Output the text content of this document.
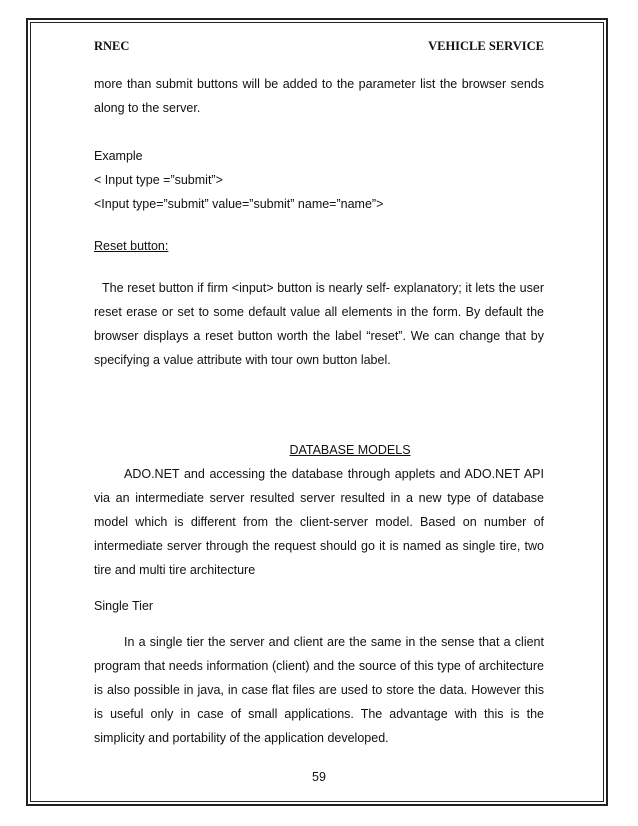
RNEC	VEHICLE SERVICE

more than submit buttons will be added to the parameter list the browser sends along to the server.

Example

< Input type =”submit”>

<Input type=”submit” value=”submit” name=”name”>

Reset button:

The reset button if firm <input> button is nearly self- explanatory; it lets the user reset erase or set to some default value all elements in the form. By default the browser displays a reset button worth the label “reset”. We can change that by specifying a value attribute with tour own button label.

DATABASE MODELS

ADO.NET and accessing the database through applets and ADO.NET API via an intermediate server resulted server resulted in a new type of database model which is different from the client-server model. Based on number of intermediate server through the request should go it is named as single tire, two tire and multi tire architecture

Single Tier

In a single tier the server and client are the same in the sense that a client program that needs information (client) and the source of this type of architecture is also possible in java, in case flat files are used to store the data. However this is useful only in case of small applications. The advantage with this is the simplicity and portability of the application developed.

59
